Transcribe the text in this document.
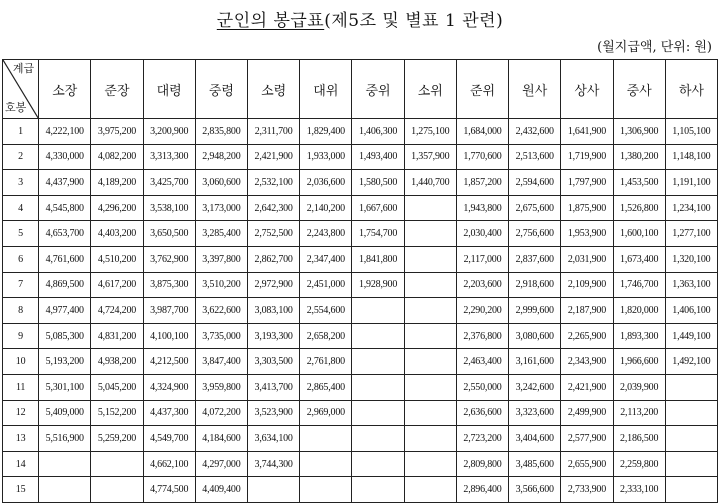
군인의 봉급표(제5조 및 별표 1 관련)
(월지급액, 단위: 원)
계급
호봉	소장	준장	대령	중령	소령	대위	중위	소위	준위	원사	상사	중사	하사
1	4,222,100	3,975,200	3,200,900	2,835,800	2,311,700	1,829,400	1,406,300	1,275,100	1,684,000	2,432,600	1,641,900	1,306,900	1,105,100
2	4,330,000	4,082,200	3,313,300	2,948,200	2,421,900	1,933,000	1,493,400	1,357,900	1,770,600	2,513,600	1,719,900	1,380,200	1,148,100
3	4,437,900	4,189,200	3,425,700	3,060,600	2,532,100	2,036,600	1,580,500	1,440,700	1,857,200	2,594,600	1,797,900	1,453,500	1,191,100
4	4,545,800	4,296,200	3,538,100	3,173,000	2,642,300	2,140,200	1,667,600		1,943,800	2,675,600	1,875,900	1,526,800	1,234,100
5	4,653,700	4,403,200	3,650,500	3,285,400	2,752,500	2,243,800	1,754,700		2,030,400	2,756,600	1,953,900	1,600,100	1,277,100
6	4,761,600	4,510,200	3,762,900	3,397,800	2,862,700	2,347,400	1,841,800		2,117,000	2,837,600	2,031,900	1,673,400	1,320,100
7	4,869,500	4,617,200	3,875,300	3,510,200	2,972,900	2,451,000	1,928,900		2,203,600	2,918,600	2,109,900	1,746,700	1,363,100
8	4,977,400	4,724,200	3,987,700	3,622,600	3,083,100	2,554,600			2,290,200	2,999,600	2,187,900	1,820,000	1,406,100
9	5,085,300	4,831,200	4,100,100	3,735,000	3,193,300	2,658,200			2,376,800	3,080,600	2,265,900	1,893,300	1,449,100
10	5,193,200	4,938,200	4,212,500	3,847,400	3,303,500	2,761,800			2,463,400	3,161,600	2,343,900	1,966,600	1,492,100
11	5,301,100	5,045,200	4,324,900	3,959,800	3,413,700	2,865,400			2,550,000	3,242,600	2,421,900	2,039,900	
12	5,409,000	5,152,200	4,437,300	4,072,200	3,523,900	2,969,000			2,636,600	3,323,600	2,499,900	2,113,200	
13	5,516,900	5,259,200	4,549,700	4,184,600	3,634,100				2,723,200	3,404,600	2,577,900	2,186,500	
14			4,662,100	4,297,000	3,744,300				2,809,800	3,485,600	2,655,900	2,259,800	
15			4,774,500	4,409,400					2,896,400	3,566,600	2,733,900	2,333,100	
